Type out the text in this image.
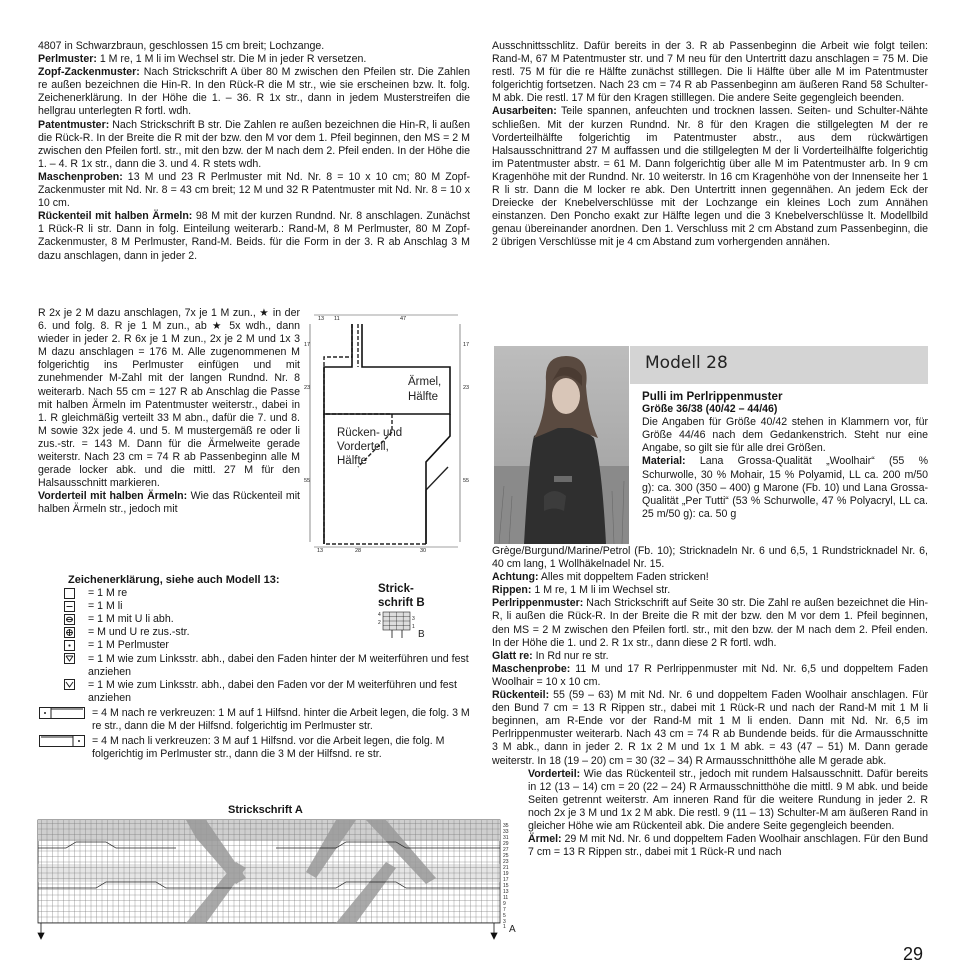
4807 in Schwarzbraun, geschlossen 15 cm breit; Lochzange.

Perlmuster: 1 M re, 1 M li im Wechsel str. Die M in jeder R versetzen.

Zopf-Zackenmuster: Nach Strickschrift A über 80 M zwischen den Pfeilen str. Die Zahlen re außen bezeichnen die Hin-R. In den Rück-R die M str., wie sie erscheinen bzw. lt. folg. Zeichenerklärung. In der Höhe die 1. – 36. R 1x str., dann in jedem Musterstreifen die hellgrau unterlegten R fortl. wdh.

Patentmuster: Nach Strickschrift B str. Die Zahlen re außen bezeichnen die Hin-R, li außen die Rück-R. In der Breite die R mit der bzw. den M vor dem 1. Pfeil beginnen, den MS = 2 M zwischen den Pfeilen fortl. str., mit den bzw. der M nach dem 2. Pfeil enden. In der Höhe die 1. – 4. R 1x str., dann die 3. und 4. R stets wdh.

Maschenproben: 13 M und 23 R Perlmuster mit Nd. Nr. 8 = 10 x 10 cm; 80 M Zopf-Zackenmuster mit Nd. Nr. 8 = 43 cm breit; 12 M und 32 R Patentmuster mit Nd. Nr. 8 = 10 x 10 cm.

Rückenteil mit halben Ärmeln: 98 M mit der kurzen Rundnd. Nr. 8 anschlagen. Zunächst 1 Rück-R li str. Dann in folg. Einteilung weiterarb.: Rand-M, 8 M Perlmuster, 80 M Zopf-Zackenmuster, 8 M Perlmuster, Rand-M. Beids. für die Form in der 3. R ab Anschlag 3 M dazu anschlagen, dann in jeder 2.

R 2x je 2 M dazu anschlagen, 7x je 1 M zun., ★ in der 6. und folg. 8. R je 1 M zun., ab ★ 5x wdh., dann wieder in jeder 2. R 6x je 1 M zun., 2x je 2 M und 1x 3 M dazu anschlagen = 176 M. Alle zugenommenen M folgerichtig ins Perlmuster einfügen und mit zunehmender M-Zahl mit der langen Rundnd. Nr. 8 weiterarb. Nach 55 cm = 127 R ab Anschlag die Passe mit halben Ärmeln im Patentmuster weiterstr., dabei in 1. R gleichmäßig verteilt 33 M abn., dafür die 7. und 8. M sowie 32x jede 4. und 5. M mustergemäß re oder li zus.-str. = 143 M. Dann für die Ärmelweite gerade weiterstr. Nach 23 cm = 74 R ab Passenbeginn alle M gerade locker abk. und die mittl. 27 M für den Halsausschnitt markieren.

Vorderteil mit halben Ärmeln: Wie das Rückenteil mit halben Ärmeln str., jedoch mit

13 11	47
17
23
55
17
23
55
13	28	30
Ärmel,
Hälfte
Rücken- und
Vorderteil,
Hälfte
Zeichenerklärung, siehe auch Modell 13:
= 1 M re
= 1 M li
= 1 M mit U li abh.
= M und U re zus.-str.
= 1 M Perlmuster
= 1 M wie zum Linksstr. abh., dabei den Faden hinter der M weiterführen und fest anziehen
= 1 M wie zum Linksstr. abh., dabei den Faden vor der M weiterführen und fest anziehen
= 4 M nach re verkreuzen: 1 M auf 1 Hilfsnd. hinter die Arbeit legen, die folg. 3 M re str., dann die M der Hilfsnd. folgerichtig im Perlmuster str.
= 4 M nach li verkreuzen: 3 M auf 1 Hilfsnd. vor die Arbeit legen, die folg. M folgerichtig im Perlmuster str., dann die 3 M der Hilfsnd. re str.
Strick-
schrift B
4
3
2
1
B
Strickschrift A
35
33
31
29
27
25
23
21
19
17
15
13
11
9
7
5
3
1 A

Ausschnittsschlitz. Dafür bereits in der 3. R ab Passenbeginn die Arbeit wie folgt teilen: Rand-M, 67 M Patentmuster str. und 7 M neu für den Untertritt dazu anschlagen = 75 M. Die restl. 75 M für die re Hälfte zunächst stilllegen. Die li Hälfte über alle M im Patentmuster folgerichtig fortsetzen. Nach 23 cm = 74 R ab Passenbeginn am äußeren Rand 58 Schulter-M abk. Die restl. 17 M für den Kragen stilllegen. Die andere Seite gegengleich beenden.

Ausarbeiten: Teile spannen, anfeuchten und trocknen lassen. Seiten- und Schulter-Nähte schließen. Mit der kurzen Rundnd. Nr. 8 für den Kragen die stillgelegten M der re Vorderteilhälfte folgerichtig im Patentmuster abstr., aus dem rückwärtigen Halsausschnittrand 27 M auffassen und die stillgelegten M der li Vorderteilhälfte folgerichtig im Patentmuster abstr. = 61 M. Dann folgerichtig über alle M im Patentmuster arb. In 9 cm Kragenhöhe mit der Rundnd. Nr. 10 weiterstr. In 16 cm Kragenhöhe von der Innenseite her 1 R li str. Dann die M locker re abk. Den Untertritt innen gegennähen. An jedem Eck der Dreiecke der Knebelverschlüsse mit der Lochzange ein kleines Loch zum Annähen einstanzen. Den Poncho exakt zur Hälfte legen und die 3 Knebelverschlüsse lt. Modellbild genau übereinander anordnen. Den 1. Verschluss mit 2 cm Abstand zum Passenbeginn, die 2 übrigen Verschlüsse mit je 4 cm Abstand zum vorhergenden annähen.

Modell 28

Pulli im Perlrippenmuster

Größe 36/38 (40/42 – 44/46)

Die Angaben für Größe 40/42 stehen in Klammern vor, für Größe 44/46 nach dem Gedankenstrich. Steht nur eine Angabe, so gilt sie für alle drei Größen.

Material: Lana Grossa-Qualität „Woolhair“ (55 % Schurwolle, 30 % Mohair, 15 % Polyamid, LL ca. 200 m/50 g): ca. 300 (350 – 400) g Marone (Fb. 10) und Lana Grossa-Qualität „Per Tutti“ (53 % Schurwolle, 47 % Polyacryl, LL ca. 25 m/50 g): ca. 50 g

Grège/Burgund/Marine/Petrol (Fb. 10); Stricknadeln Nr. 6 und 6,5, 1 Rundstricknadel Nr. 6, 40 cm lang, 1 Wollhäkelnadel Nr. 15.

Achtung: Alles mit doppeltem Faden stricken!

Rippen: 1 M re, 1 M li im Wechsel str.

Perlrippenmuster: Nach Strickschrift auf Seite 30 str. Die Zahl re außen bezeichnet die Hin-R, li außen die Rück-R. In der Breite die R mit der bzw. den M vor dem 1. Pfeil beginnen, den MS = 2 M zwischen den Pfeilen fortl. str., mit den bzw. der M nach dem 2. Pfeil enden. In der Höhe die 1. und 2. R 1x str., dann diese 2 R fortl. wdh.

Glatt re: In Rd nur re str.

Maschenprobe: 11 M und 17 R Perlrippenmuster mit Nd. Nr. 6,5 und doppeltem Faden Woolhair = 10 x 10 cm.

Rückenteil: 55 (59 – 63) M mit Nd. Nr. 6 und doppeltem Faden Woolhair anschlagen. Für den Bund 7 cm = 13 R Rippen str., dabei mit 1 Rück-R und nach der Rand-M mit 1 M li beginnen, am R-Ende vor der Rand-M mit 1 M li enden. Dann mit Nd. Nr. 6,5 im Perlrippenmuster weiterarb. Nach 43 cm = 74 R ab Bundende beids. für die Armausschnitte 3 M abk., dann in jeder 2. R 1x 2 M und 1x 1 M abk. = 43 (47 – 51) M. Dann gerade weiterstr. In 18 (19 – 20) cm = 30 (32 – 34) R Armausschnitthöhe alle M gerade abk.

Vorderteil: Wie das Rückenteil str., jedoch mit rundem Halsausschnitt. Dafür bereits in 12 (13 – 14) cm = 20 (22 – 24) R Armausschnitthöhe die mittl. 9 M abk. und beide Seiten getrennt weiterstr. Am inneren Rand für die weitere Rundung in jeder 2. R noch 2x je 3 M und 1x 2 M abk. Die restl. 9 (11 – 13) Schulter-M am äußeren Rand in gleicher Höhe wie am Rückenteil abk. Die andere Seite gegengleich beenden.

Ärmel: 29 M mit Nd. Nr. 6 und doppeltem Faden Woolhair anschlagen. Für den Bund 7 cm = 13 R Rippen str., dabei mit 1 Rück-R und nach

29
